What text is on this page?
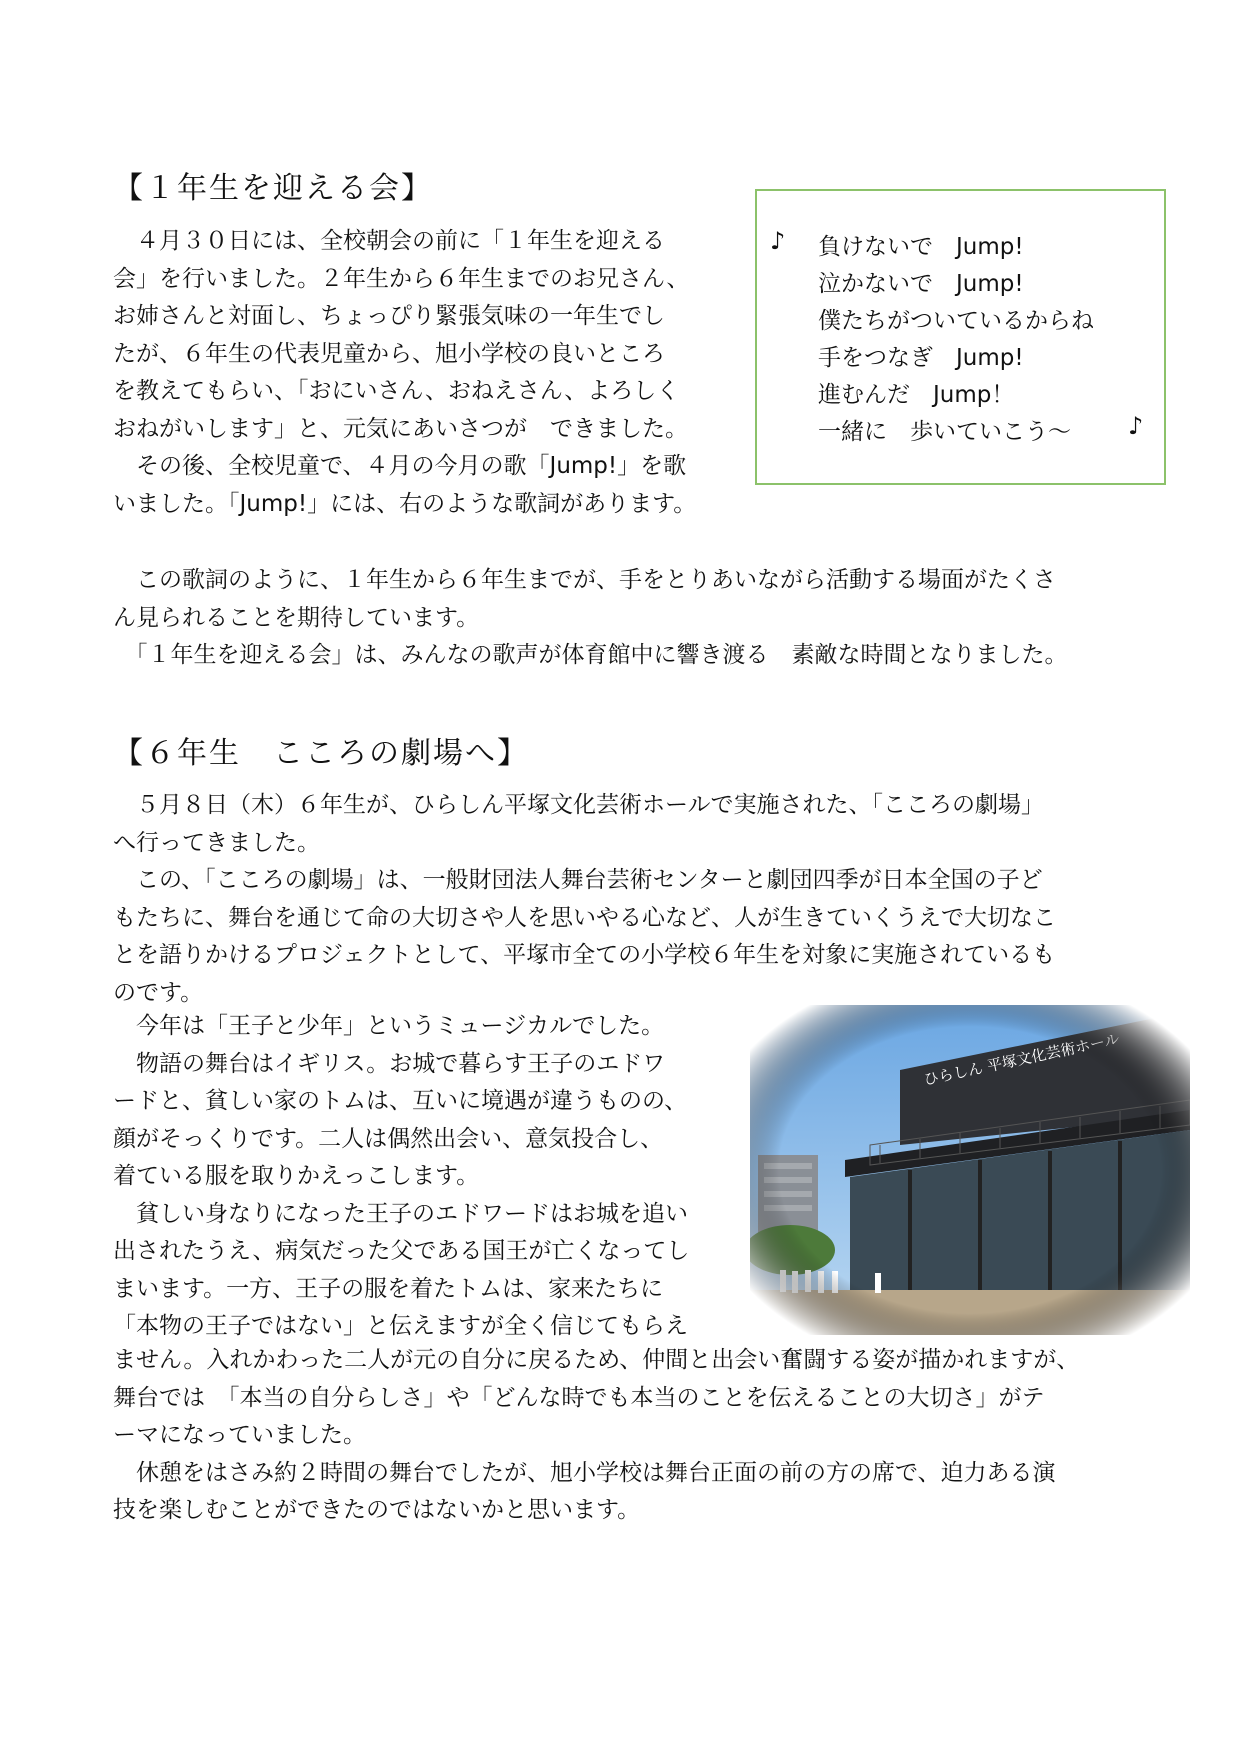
【１年生を迎える会】
　４月３０日には、全校朝会の前に「１年生を迎える
会」を行いました。２年生から６年生までのお兄さん、
お姉さんと対面し、ちょっぴり緊張気味の一年生でし
たが、６年生の代表児童から、旭小学校の良いところ
を教えてもらい、「おにいさん、おねえさん、よろしく
おねがいします」と、元気にあいさつが　できました。
　その後、全校児童で、４月の今月の歌「Jump!」を歌
いました。「Jump!」には、右のような歌詞があります。
♪ 負けないで　Jump!
泣かないで　Jump!
僕たちがついているからね
手をつなぎ　Jump!
進むんだ　Jump！
一緒に　歩いていこう～	♪
　この歌詞のように、１年生から６年生までが、手をとりあいながら活動する場面がたくさ
ん見られることを期待しています。
　「１年生を迎える会」は、みんなの歌声が体育館中に響き渡る　素敵な時間となりました。
【６年生　こころの劇場へ】
　５月８日（木）６年生が、ひらしん平塚文化芸術ホールで実施された、「こころの劇場」
へ行ってきました。
　この、「こころの劇場」は、一般財団法人舞台芸術センターと劇団四季が日本全国の子ど
もたちに、舞台を通じて命の大切さや人を思いやる心など、人が生きていくうえで大切なこ
とを語りかけるプロジェクトとして、平塚市全ての小学校６年生を対象に実施されているも
のです。
　今年は「王子と少年」というミュージカルでした。
　物語の舞台はイギリス。お城で暮らす王子のエドワ
ードと、貧しい家のトムは、互いに境遇が違うものの、
顔がそっくりです。二人は偶然出会い、意気投合し、
着ている服を取りかえっこします。
　貧しい身なりになった王子のエドワードはお城を追い
出されたうえ、病気だった父である国王が亡くなってし
まいます。一方、王子の服を着たトムは、家来たちに
「本物の王子ではない」と伝えますが全く信じてもらえ
ません。入れかわった二人が元の自分に戻るため、仲間と出会い奮闘する姿が描かれますが、
舞台では　「本当の自分らしさ」や「どんな時でも本当のことを伝えることの大切さ」がテ
ーマになっていました。
　休憩をはさみ約２時間の舞台でしたが、旭小学校は舞台正面の前の方の席で、迫力ある演
技を楽しむことができたのではないかと思います。
